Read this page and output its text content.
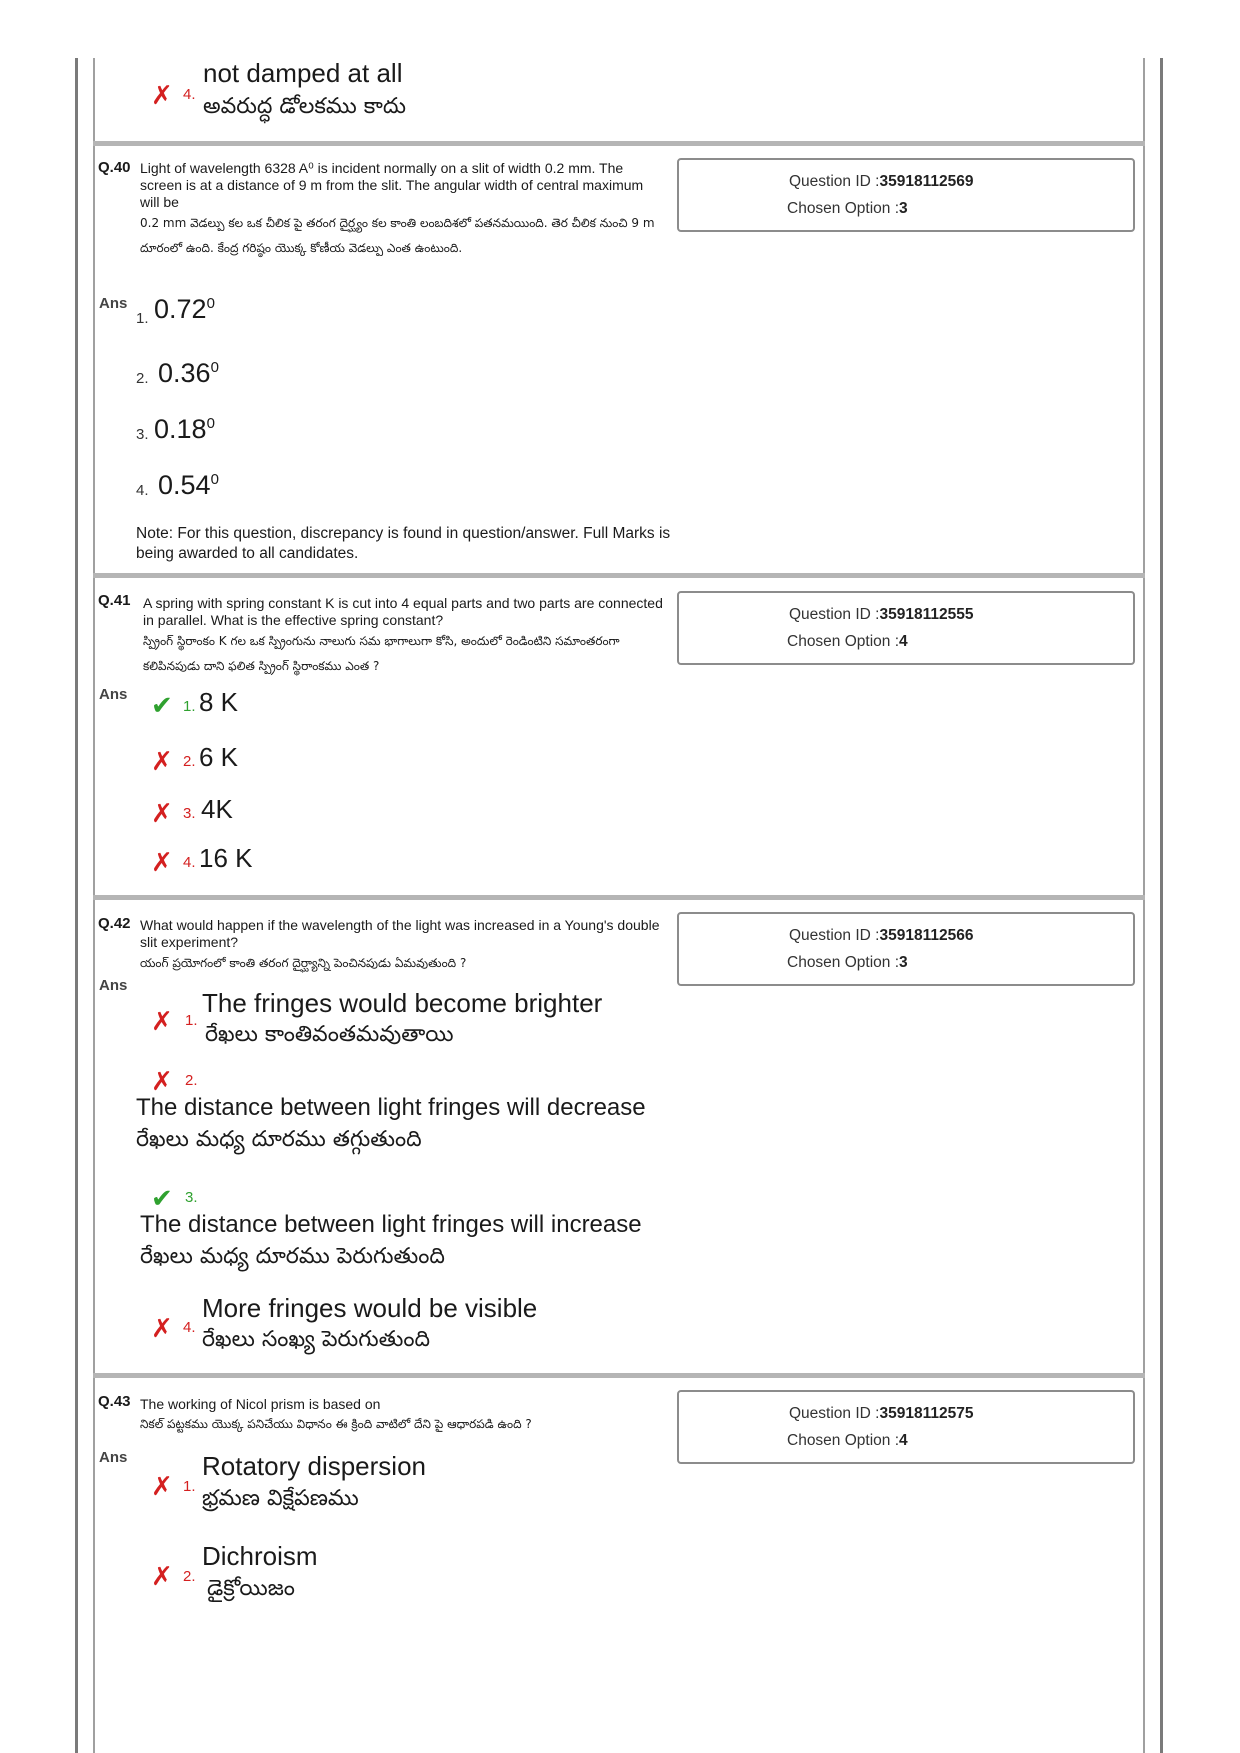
✗ 4.
not damped at all
అవరుద్ధ డోలకము కాదు
Q.40 Light of wavelength 6328 A⁰ is incident normally on a slit of width 0.2 mm. The screen is at a distance of 9 m from the slit. The angular width of central maximum will be
0.2 mm వెడల్పు కల ఒక చీలిక పై తరంగ దైర్ఘ్యం కల కాంతి లంబదిశలో పతనమయింది. తెర చీలిక నుంచి 9 m దూరంలో ఉంది. కేంద్ర గరిష్ఠం యొక్క కోణీయ వెడల్పు ఎంత ఉంటుంది.
Question ID :35918112569
Chosen Option :3
Ans
1. 0.72$^0$
2. 0.36$^0$
3. 0.18$^0$
4. 0.54$^0$
Note: For this question, discrepancy is found in question/answer. Full Marks is being awarded to all candidates.
Q.41 A spring with spring constant K is cut into 4 equal parts and two parts are connected in parallel. What is the effective spring constant?
స్ప్రింగ్ స్థిరాంకం K గల ఒక స్ప్రింగును నాలుగు సమ భాగాలుగా కోసి, అందులో రెండింటిని సమాంతరంగా కలిపినపుడు దాని ఫలిత స్ప్రింగ్ స్థిరాంకము ఎంత ?
Question ID :35918112555
Chosen Option :4
Ans ✔ 1. 8 K
✗ 2. 6 K
✗ 3. 4K
✗ 4. 16 K
Q.42 What would happen if the wavelength of the light was increased in a Young's double slit experiment?
యంగ్ ప్రయోగంలో కాంతి తరంగ దైర్ఘ్యాన్ని పెంచినపుడు ఏమవుతుంది ?
Question ID :35918112566
Chosen Option :3
Ans
✗ 1.
The fringes would become brighter
రేఖలు కాంతివంతమవుతాయి
✗ 2.
The distance between light fringes will decrease
రేఖలు మధ్య దూరము తగ్గుతుంది
✔ 3.
The distance between light fringes will increase
రేఖలు మధ్య దూరము పెరుగుతుంది
✗ 4.
More fringes would be visible
రేఖలు సంఖ్య పెరుగుతుంది
Q.43 The working of Nicol prism is based on
నికల్ పట్టకము యొక్క పనిచేయు విధానం ఈ క్రింది వాటిలో దేని పై ఆధారపడి ఉంది ?
Question ID :35918112575
Chosen Option :4
Ans
✗ 1.
Rotatory dispersion
భ్రమణ విక్షేపణము
✗ 2.
Dichroism
డైక్రోయిజం
